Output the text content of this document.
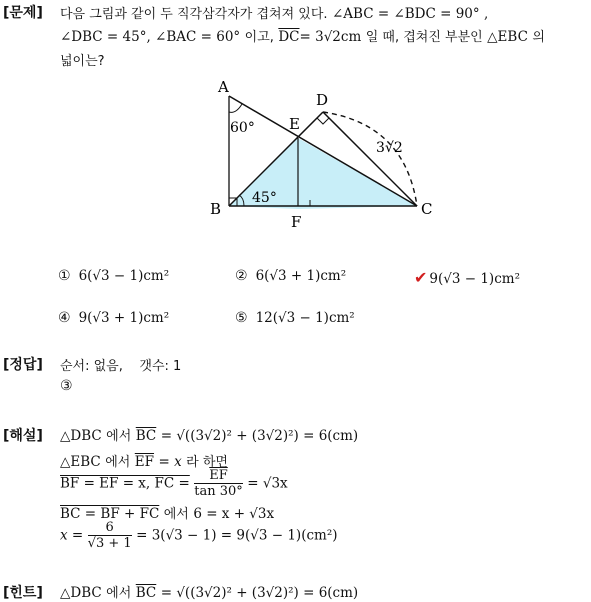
[문제] 다음 그림과 같이 두 직각삼각자가 겹쳐져 있다. ∠ABC = ∠BDC = 90° ,
∠DBC = 45°, ∠BAC = 60° 이고, $\overline{DC}= 3√2cm$ 일 때, 겹쳐진 부분인 △EBC 의
넓이는?
A
B	C
D
E
F
60°
45°
3√2
① 6(√3 − 1)cm²	② 6(√3 + 1)cm²	✔ 9(√3 − 1)cm²
④ 9(√3 + 1)cm²	⑤ 12(√3 − 1)cm²
[정답] 순서: 없음,    갯수: 1
③
[해설] △DBC 에서 $\overline{BC} = √((3√2)^2 + (3√2)^2) = 6(cm)$
△EBC 에서 $\overline{EF} = x$ 라 하면
BF = EF = x, FC = $\frac{\overline{EF}}{\tan 30^\circ} = √3x$
BC = BF + FC 에서 6 = x + √3x
$x = \frac{6}{√3 + 1} = 3(√3 - 1) = 9(√3 - 1)(cm^2)$
[힌트] △DBC 에서 $\overline{BC} = √((3√2)^2 + (3√2)^2) = 6(cm)$
